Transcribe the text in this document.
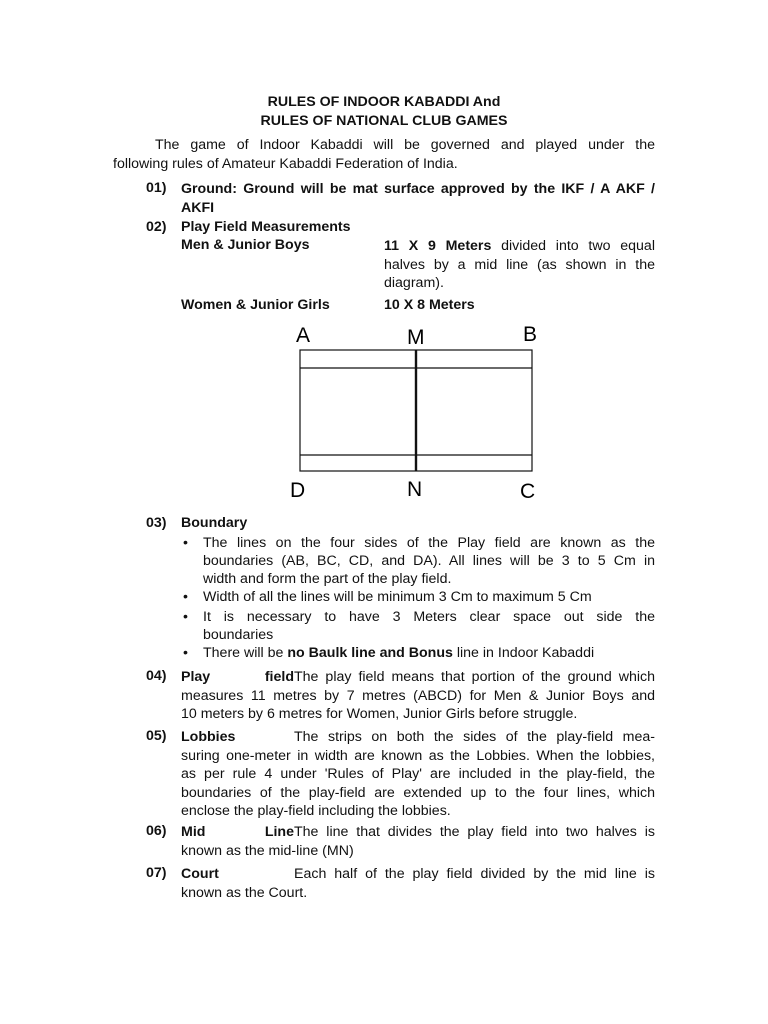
RULES OF INDOOR KABADDI And
RULES OF NATIONAL CLUB GAMES
The game of Indoor Kabaddi will be governed and played under the
following rules of Amateur Kabaddi Federation of India.
01) Ground: Ground will be mat surface approved by the IKF / A AKF /
AKFI
02) Play Field Measurements
Men & Junior Boys	11 X 9 Meters divided into two equal
halves by a mid line (as shown in the
diagram).
Women & Junior Girls	10 X 8 Meters
A	M	B
D	N	C
03) Boundary
• The lines on the four sides of the Play field are known as the
boundaries (AB, BC, CD, and DA). All lines will be 3 to 5 Cm in
width and form the part of the play field.
• Width of all the lines will be minimum 3 Cm to maximum 5 Cm
• It is necessary to have 3 Meters clear space out side the
boundaries
• There will be no Baulk line and Bonus line in Indoor Kabaddi
04) Play fieldThe play field means that portion of the ground which
measures 11 metres by 7 metres (ABCD) for Men & Junior Boys and
10 meters by 6 metres for Women, Junior Girls before struggle.
05) Lobbies	The strips on both the sides of the play-field mea-
suring one-meter in width are known as the Lobbies. When the lobbies,
as per rule 4 under 'Rules of Play' are included in the play-field, the
boundaries of the play-field are extended up to the four lines, which
enclose the play-field including the lobbies.
06) Mid LineThe line that divides the play field into two halves is
known as the mid-line (MN)
07) Court	Each half of the play field divided by the mid line is
known as the Court.
